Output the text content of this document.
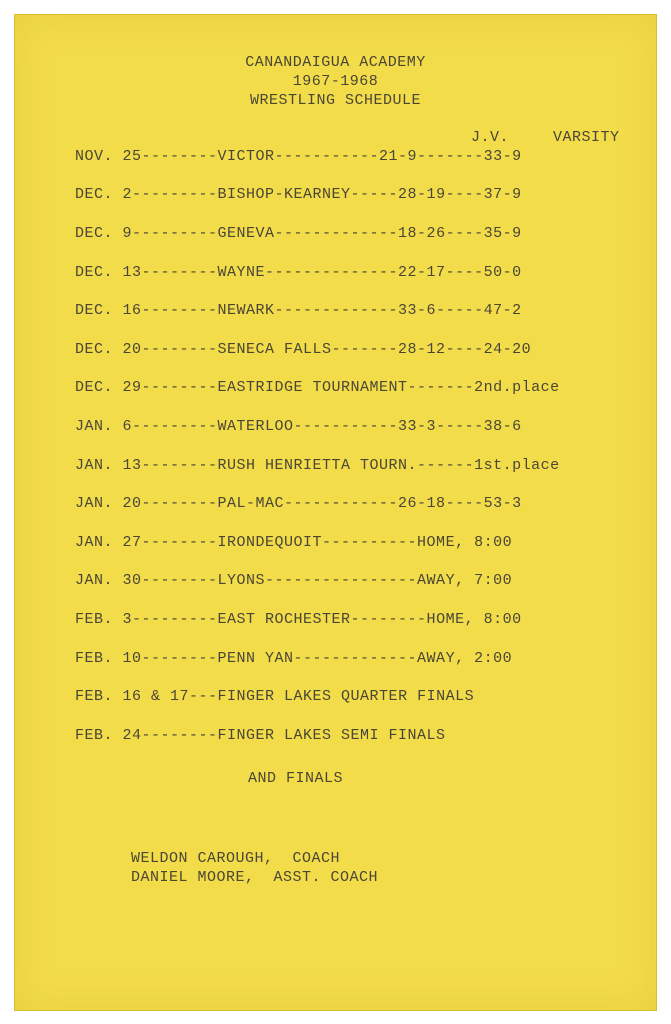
CANANDAIGUA ACADEMY
1967-1968
WRESTLING SCHEDULE
J.V.	VARSITY
NOV. 25 --------VICTOR-----------21-9-------33-9
DEC. 2 ---------BISHOP-KEARNEY-----28-19----37-9
DEC. 9 ---------GENEVA-------------18-26----35-9
DEC. 13 --------WAYNE--------------22-17----50-0
DEC. 16 --------NEWARK-------------33-6-----47-2
DEC. 20 --------SENECA FALLS-------28-12----24-20
DEC. 29 --------EASTRIDGE TOURNAMENT-------2nd.place
JAN. 6 ---------WATERLOO-----------33-3-----38-6
JAN. 13 --------RUSH HENRIETTA TOURN.------1st.place
JAN. 20 --------PAL-MAC------------26-18----53-3
JAN. 27 --------IRONDEQUOIT----------HOME, 8:00
JAN. 30 --------LYONS----------------AWAY, 7:00
FEB. 3 ---------EAST ROCHESTER--------HOME, 8:00
FEB. 10 --------PENN YAN-------------AWAY, 2:00
FEB. 16 & 17 ---FINGER LAKES QUARTER FINALS
FEB. 24 --------FINGER LAKES SEMI FINALS
AND FINALS
WELDON CAROUGH,  COACH
DANIEL MOORE,  ASST. COACH
